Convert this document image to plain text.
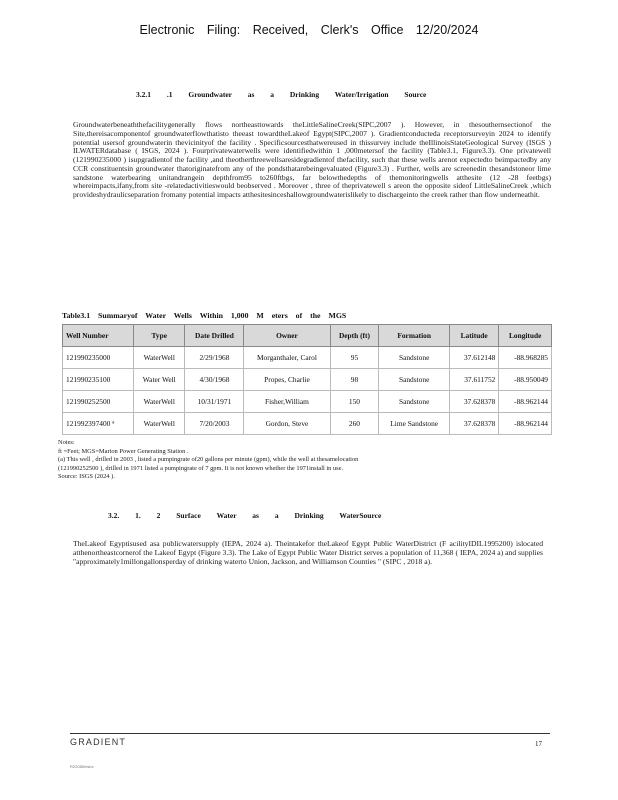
Electronic Filing: Received, Clerk's Office 12/20/2024
3.2.1 .1 Groundwater as a Drinking Water/Irrigation Source

Groundwaterbeneaththefacilitygenerally flows northeasttowards theLittleSalineCreek(SIPC,2007 ). However, in thesouthernsectionof the Site,thereisacomponentof groundwaterflowthatisto theeast towardtheLakeof Egypt(SIPC,2007 ). Gradientconducteda receptorsurveyin 2024 to identify potential usersof groundwaterin thevicinityof the facility . Specificsourcesthatwereused in thissurvey include theIllinoisStateGeological Survey (ISGS ) ILWATERdatabase ( ISGS, 2024 ). Fourprivatewaterwells were identifiedwithin 1 ,000metersof the facility (Table3.1, Figure3.3). One privatewell (121990235000 ) isupgradientof the facility ,and theotherthreewellsaresidegradientof thefacility, such that these wells arenot expectedto beimpactedby any CCR constituentsin groundwater thatoriginatefrom any of the pondsthatarebeingevaluated (Figure3.3) . Further, wells are screenedin thesandstoneor lime sandstone waterbearing unitandrangein depthfrom95 to260ftbgs, far belowthedepths of themonitoringwells atthesite (12 -28 feetbgs) whereimpacts,ifany,from site -relatedactivitieswould beobserved . Moreover , three of theprivatewell s areon the opposite sideof LittleSalineCreek ,which provideshydraulicseparation fromany potential impacts atthesitesinceshallowgroundwaterislikely to dischargeinto the creek rather than flow underneathit.

Table3.1 Summaryof Water Wells Within 1,000 M eters of the MGS
Well Number	Type	Date Drilled	Owner	Depth (ft)	Formation	Latitude	Longitude
121990235000	WaterWell	2/29/1968	Morganthaler, Carol	95	Sandstone	37.612148	-88.968285
121990235100	Water Well	4/30/1968	Propes, Charlie	98	Sandstone	37.611752	-88.950049
121990252500	WaterWell	10/31/1971	Fisher,William	150	Sandstone	37.628378	-88.962144
121992397400 ª	WaterWell	7/20/2003	Gordon, Steve	260	Lime Sandstone	37.628378	-88.962144
Notes:
ft =Feet; MGS=Marion Power Generating Station .
(a) This well , drilled in 2003 , listed a pumpingrate of20 gallons per minute (gpm), while the well at thesamelocation
(121990252500 ), drilled in 1971 listed a pumpingrate of 7 gpm. It is not known whether the 1971install in use.
Source: ISGS (2024 ).
3.2. 1. 2 Surface Water as a Drinking WaterSource

TheLakeof Egyptisused asa publicwatersupply (IEPA, 2024 a). Theintakefor theLakeof Egypt Public WaterDistrict (F acilityIDIL1995200) islocated atthenortheastcornerof the Lakeof Egypt (Figure 3.3). The Lake of Egypt Public Water District serves a population of 11,368 ( IEPA, 2024 a) and supplies "approximately1millongallonsperday of drinking waterto Union, Jackson, and Williamson Counties " (SIPC , 2018 a).

GRADIENT	17
R22085\rlsbx
